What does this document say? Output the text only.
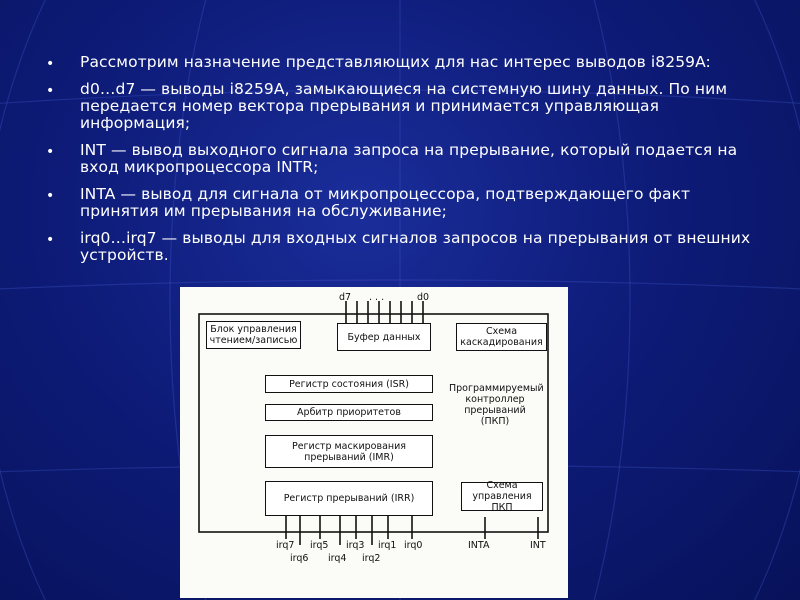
• Рассмотрим назначение представляющих для нас интерес выводов i8259A:
• d0…d7 — выводы i8259A, замыкающиеся на системную шину данных. По ним передается номер вектора прерывания и принимается управляющая информация;
• INT — вывод выходного сигнала запроса на прерывание, который подается на вход микропроцессора INTR;
• INTA — вывод для сигнала от микропроцессора, подтверждающего факт принятия им прерывания на обслуживание;
• irq0…irq7 — выводы для входных сигналов запросов на прерывания от внешних устройств.
d7 . . .	d0
Блок управления чтением/записью	Буфер данных	Схема каскадирования
Регистр состояния (ISR)
Арбитр приоритетов
Регистр маскирования прерываний (IMR)
Регистр прерываний (IRR)
Программируемый контроллер прерываний (ПКП)
Схема управления ПКП
irq7 irq5 irq3 irq1 irq0	INTA	INT
irq6 irq4 irq2
